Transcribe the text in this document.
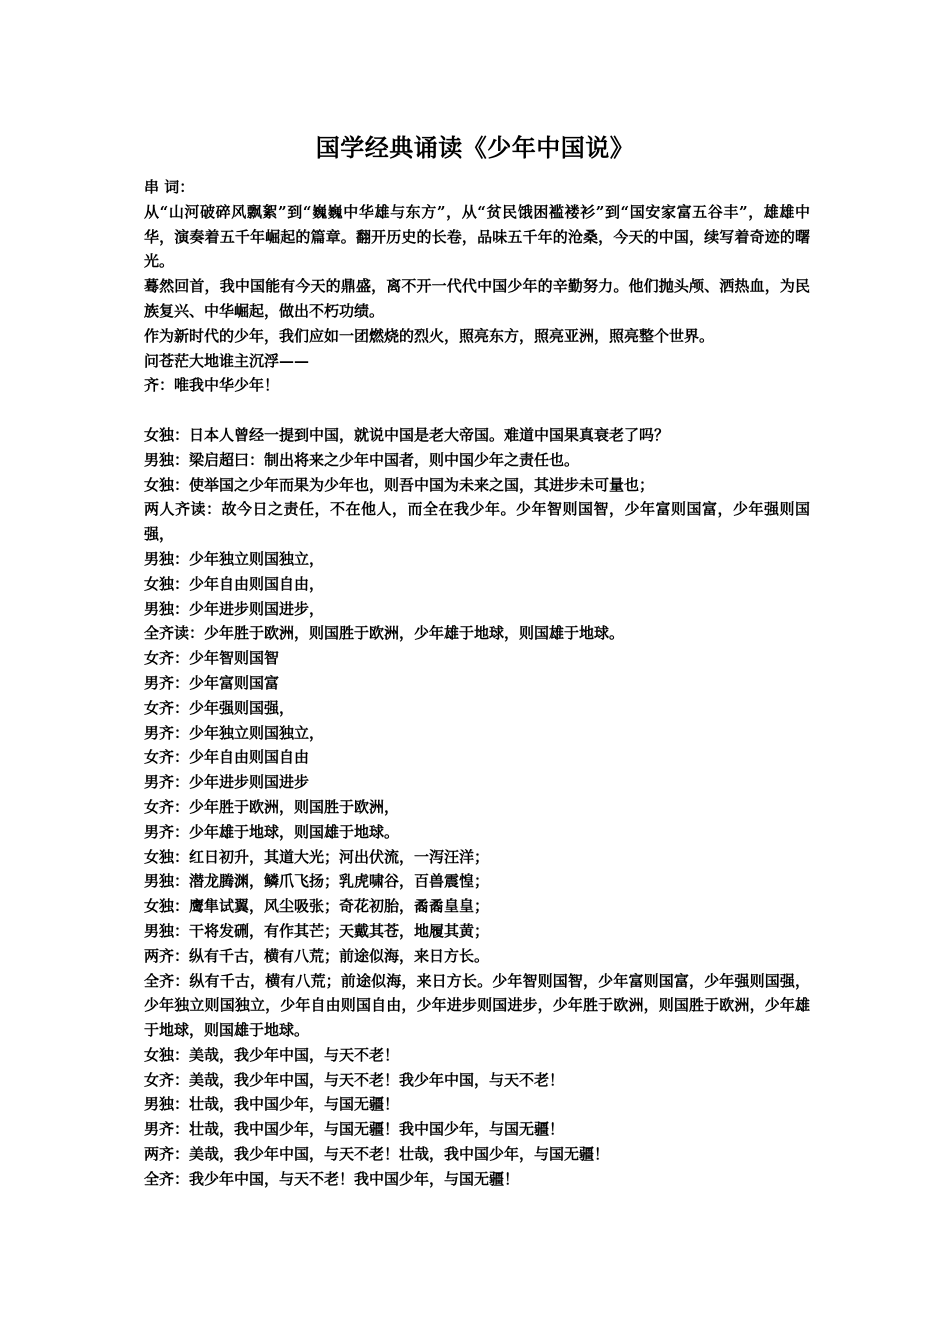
国学经典诵读《少年中国说》

串 词：

从“山河破碎风飘絮”到“巍巍中华雄与东方”，从“贫民饿困褴褛衫”到“国安家富五谷丰”，雄雄中华，演奏着五千年崛起的篇章。翻开历史的长卷，品味五千年的沧桑，今天的中国，续写着奇迹的曙光。

蓦然回首，我中国能有今天的鼎盛，离不开一代代中国少年的辛勤努力。他们抛头颅、洒热血，为民族复兴、中华崛起，做出不朽功绩。

作为新时代的少年，我们应如一团燃烧的烈火，照亮东方，照亮亚洲，照亮整个世界。

问苍茫大地谁主沉浮——

齐：唯我中华少年！

女独：日本人曾经一提到中国，就说中国是老大帝国。难道中国果真衰老了吗？

男独：梁启超曰：制出将来之少年中国者，则中国少年之责任也。

女独：使举国之少年而果为少年也，则吾中国为未来之国，其进步未可量也；

两人齐读：故今日之责任，不在他人，而全在我少年。少年智则国智，少年富则国富，少年强则国强，

男独：少年独立则国独立，

女独：少年自由则国自由，

男独：少年进步则国进步，

全齐读：少年胜于欧洲，则国胜于欧洲，少年雄于地球，则国雄于地球。

女齐：少年智则国智

男齐：少年富则国富

女齐：少年强则国强，

男齐：少年独立则国独立，

女齐：少年自由则国自由

男齐：少年进步则国进步

女齐：少年胜于欧洲，则国胜于欧洲，

男齐：少年雄于地球，则国雄于地球。

女独：红日初升，其道大光；河出伏流，一泻汪洋；

男独：潜龙腾渊，鳞爪飞扬；乳虎啸谷，百兽震惶；

女独：鹰隼试翼，风尘吸张；奇花初胎，矞矞皇皇；

男独：干将发硎，有作其芒；天戴其苍，地履其黄；

两齐：纵有千古，横有八荒；前途似海，来日方长。

全齐：纵有千古，横有八荒；前途似海，来日方长。少年智则国智，少年富则国富，少年强则国强，少年独立则国独立，少年自由则国自由，少年进步则国进步，少年胜于欧洲，则国胜于欧洲，少年雄于地球，则国雄于地球。

女独：美哉，我少年中国，与天不老！

女齐：美哉，我少年中国，与天不老！我少年中国，与天不老！

男独：壮哉，我中国少年，与国无疆！

男齐：壮哉，我中国少年，与国无疆！我中国少年，与国无疆！

两齐：美哉，我少年中国，与天不老！壮哉，我中国少年，与国无疆！

全齐：我少年中国，与天不老！我中国少年，与国无疆！
